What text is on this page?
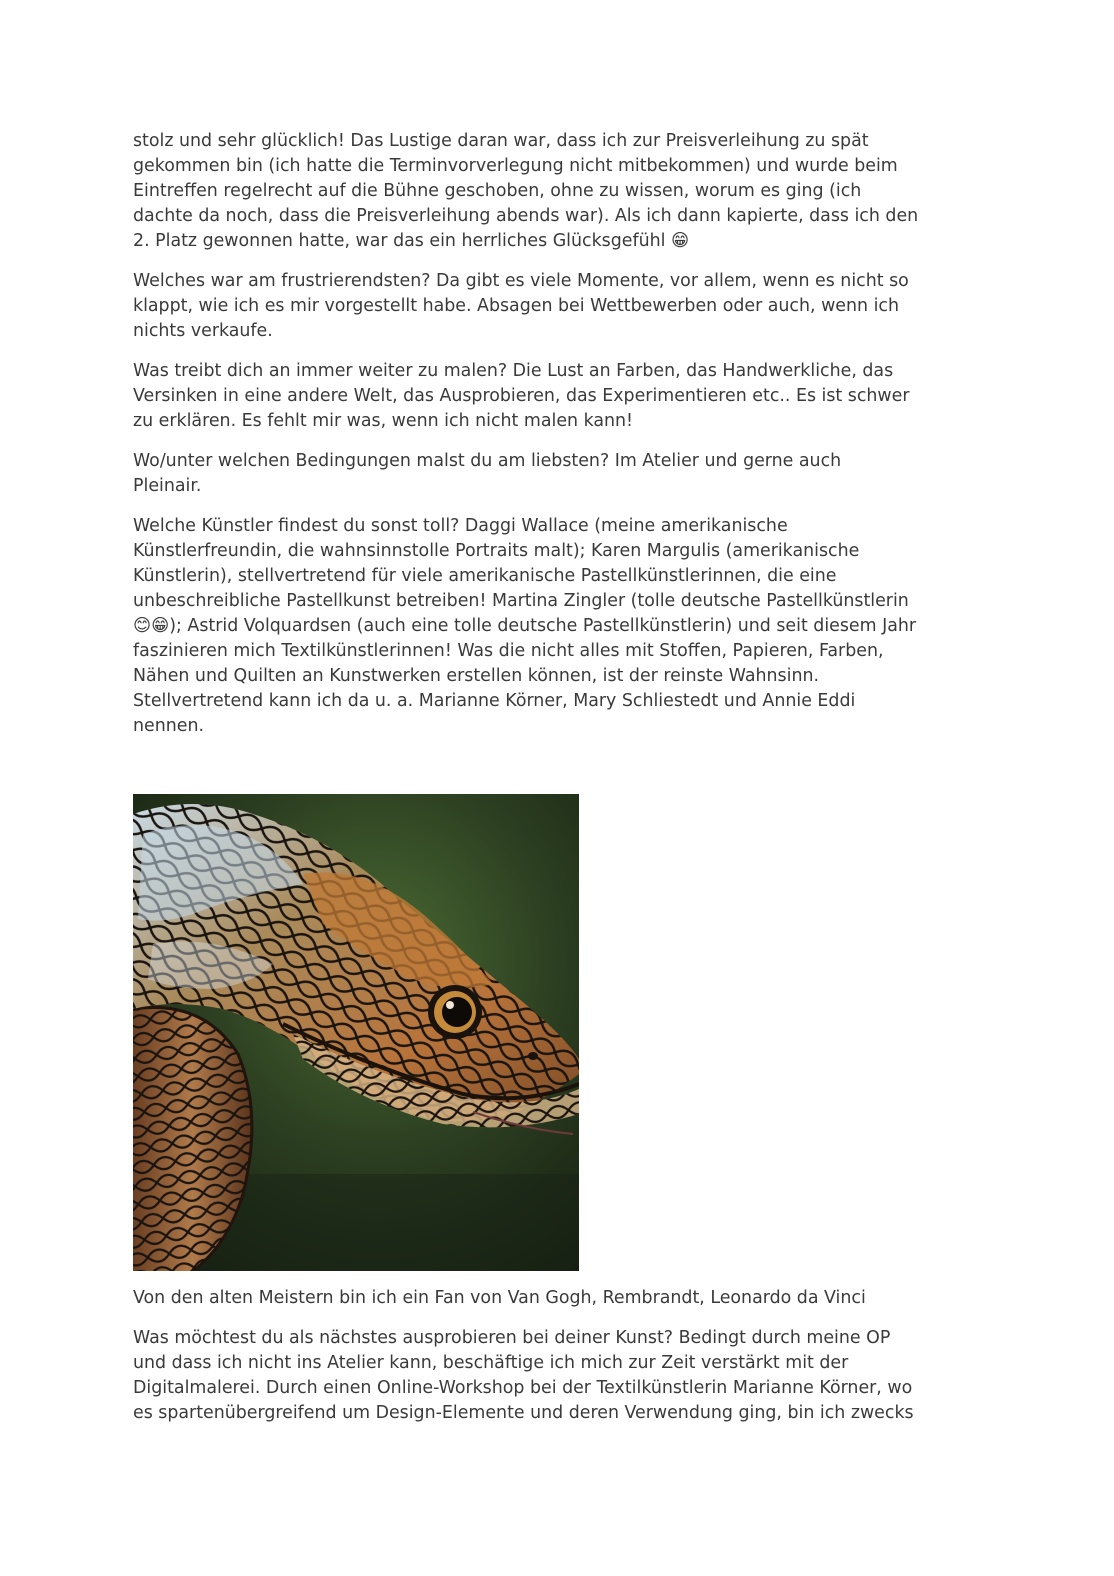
stolz und sehr glücklich! Das Lustige daran war, dass ich zur Preisverleihung zu spät
gekommen bin (ich hatte die Terminvorverlegung nicht mitbekommen) und wurde beim
Eintreffen regelrecht auf die Bühne geschoben, ohne zu wissen, worum es ging (ich
dachte da noch, dass die Preisverleihung abends war). Als ich dann kapierte, dass ich den
2. Platz gewonnen hatte, war das ein herrliches Glücksgefühl 😁

Welches war am frustrierendsten? Da gibt es viele Momente, vor allem, wenn es nicht so
klappt, wie ich es mir vorgestellt habe. Absagen bei Wettbewerben oder auch, wenn ich
nichts verkaufe.

Was treibt dich an immer weiter zu malen? Die Lust an Farben, das Handwerkliche, das
Versinken in eine andere Welt, das Ausprobieren, das Experimentieren etc.. Es ist schwer
zu erklären. Es fehlt mir was, wenn ich nicht malen kann!

Wo/unter welchen Bedingungen malst du am liebsten? Im Atelier und gerne auch
Pleinair.

Welche Künstler findest du sonst toll? Daggi Wallace (meine amerikanische
Künstlerfreundin, die wahnsinnstolle Portraits malt); Karen Margulis (amerikanische
Künstlerin), stellvertretend für viele amerikanische Pastellkünstlerinnen, die eine
unbeschreibliche Pastellkunst betreiben! Martina Zingler (tolle deutsche Pastellkünstlerin
😊😁); Astrid Volquardsen (auch eine tolle deutsche Pastellkünstlerin) und seit diesem Jahr
faszinieren mich Textilkünstlerinnen! Was die nicht alles mit Stoffen, Papieren, Farben,
Nähen und Quilten an Kunstwerken erstellen können, ist der reinste Wahnsinn.
Stellvertretend kann ich da u. a. Marianne Körner, Mary Schliestedt und Annie Eddi
nennen.

Von den alten Meistern bin ich ein Fan von Van Gogh, Rembrandt, Leonardo da Vinci

Was möchtest du als nächstes ausprobieren bei deiner Kunst? Bedingt durch meine OP
und dass ich nicht ins Atelier kann, beschäftige ich mich zur Zeit verstärkt mit der
Digitalmalerei. Durch einen Online-Workshop bei der Textilkünstlerin Marianne Körner, wo
es spartenübergreifend um Design-Elemente und deren Verwendung ging, bin ich zwecks
